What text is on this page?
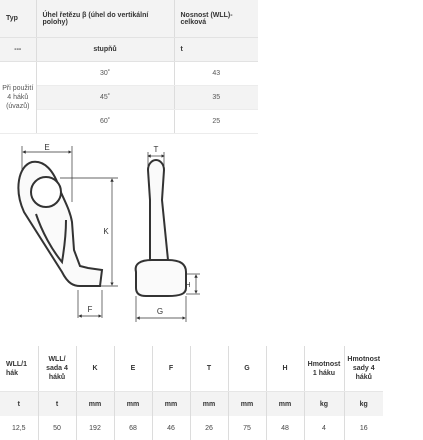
Typ	Úhel řetězu β (úhel do vertikální polohy)	Nosnost (WLL)-celková
---	stupňů	t
Při použití 4 háků (úvazů)	30˚	43
	45˚	35
	60˚	25
E
K
F
T
H
G
WLL/1 hák	WLL/ sada 4 háků	K	E	F	T	G	H	Hmotnost 1 háku	Hmotnost sady 4 háků
t	t	mm	mm	mm	mm	mm	mm	kg	kg
12,5	50	192	68	46	26	75	48	4	16
